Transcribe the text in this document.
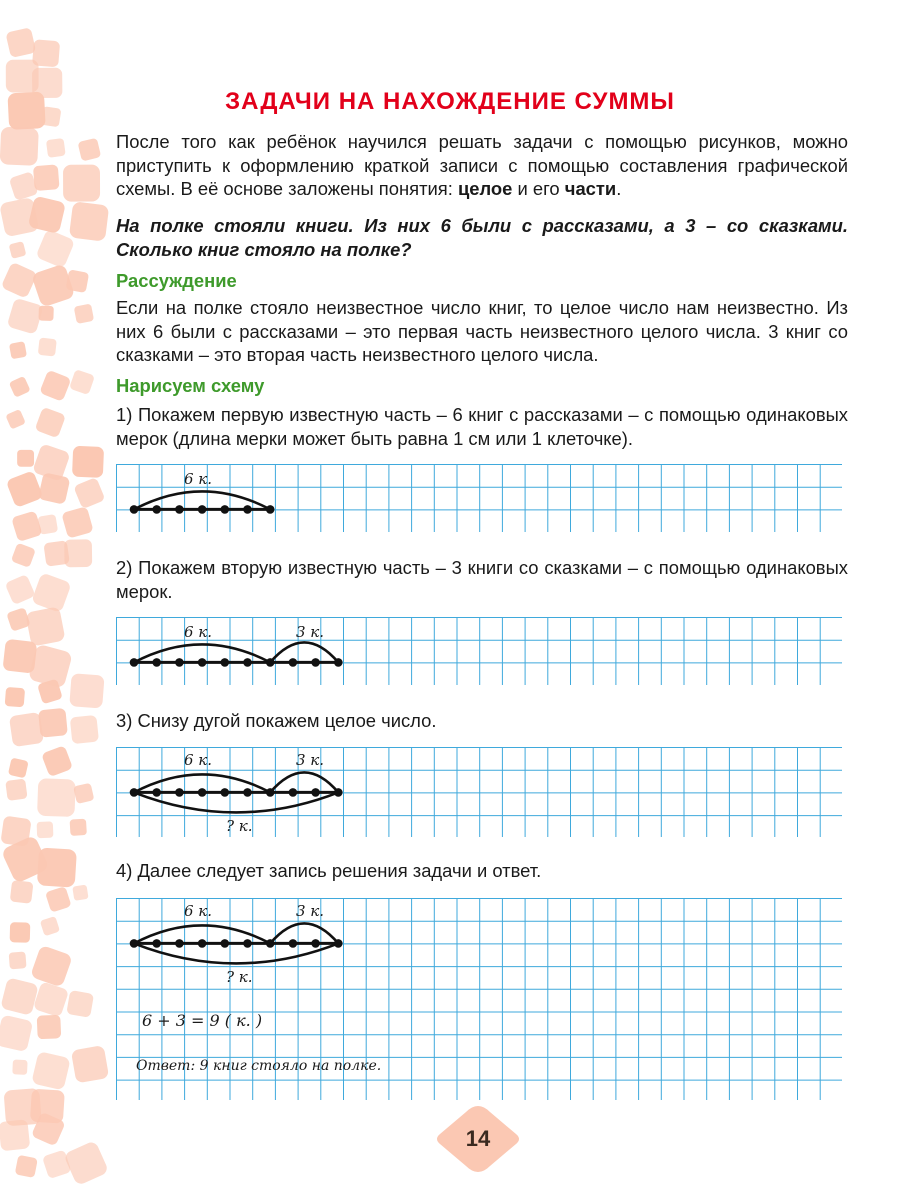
ЗАДАЧИ НА НАХОЖДЕНИЕ СУММЫ

После того как ребёнок научился решать задачи с помощью рисунков, можно приступить к оформлению краткой записи с помощью составления графической схемы. В её основе заложены понятия: целое и его части.

На полке стояли книги. Из них 6 были с рассказами, а 3 – со сказками. Сколько книг стояло на полке?

Рассуждение

Если на полке стояло неизвестное число книг, то целое число нам неизвестно. Из них 6 были с рассказами – это первая часть неизвестного целого числа. 3 книг со сказками – это вторая часть неизвестного целого числа.

Нарисуем схему

1) Покажем первую известную часть – 6 книг с рассказами – с помощью одинаковых мерок (длина мерки может быть равна 1 см или 1 клеточке).

6 к.

2) Покажем вторую известную часть – 3 книги со сказками – с помощью одинаковых мерок.

6 к.	3 к.

3) Снизу дугой покажем целое число.

6 к.	3 к.
? к.

4) Далее следует запись решения задачи и ответ.

6 к.	3 к.
? к.
6 + 3 = 9 ( к. )
Ответ: 9 книг стояло на полке.
14
